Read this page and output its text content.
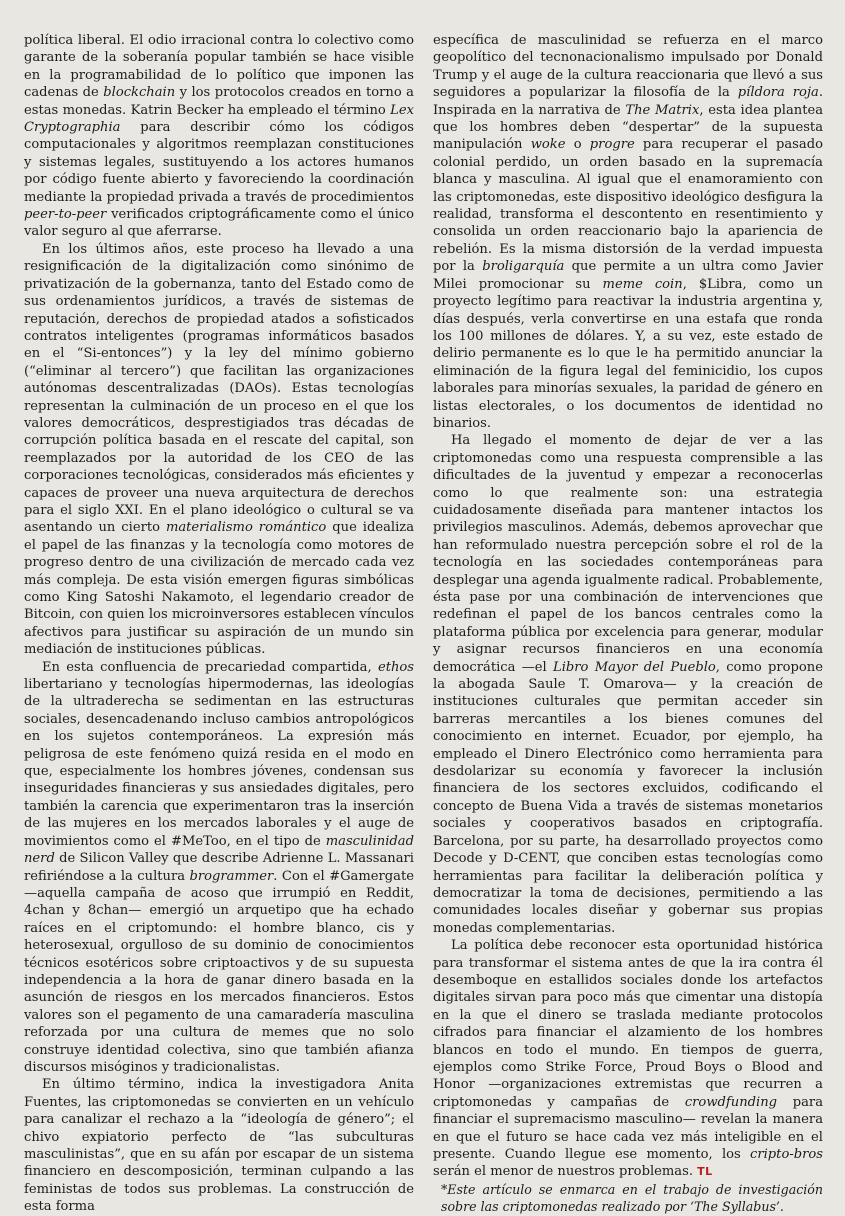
política liberal. El odio irracional contra lo colectivo como garante de la soberanía popular también se hace visible en la programabilidad de lo político que imponen las cadenas de blockchain y los protocolos creados en torno a estas monedas. Katrin Becker ha empleado el término Lex Cryptographia para describir cómo los códigos computacionales y algoritmos reemplazan constituciones y sistemas legales, sustituyendo a los actores humanos por código fuente abierto y favoreciendo la coordinación mediante la propiedad privada a través de procedimientos peer-to-peer verificados criptográficamente como el único valor seguro al que aferrarse.

En los últimos años, este proceso ha llevado a una resignificación de la digitalización como sinónimo de privatización de la gobernanza, tanto del Estado como de sus ordenamientos jurídicos, a través de sistemas de reputación, derechos de propiedad atados a sofisticados contratos inteligentes (programas informáticos basados en el “Si-entonces”) y la ley del mínimo gobierno (“eliminar al tercero”) que facilitan las organizaciones autónomas descentralizadas (DAOs). Estas tecnologías representan la culminación de un proceso en el que los valores democráticos, desprestigiados tras décadas de corrupción política basada en el rescate del capital, son reemplazados por la autoridad de los CEO de las corporaciones tecnológicas, considerados más eficientes y capaces de proveer una nueva arquitectura de derechos para el siglo XXI. En el plano ideológico o cultural se va asentando un cierto materialismo romántico que idealiza el papel de las finanzas y la tecnología como motores de progreso dentro de una civilización de mercado cada vez más compleja. De esta visión emergen figuras simbólicas como King Satoshi Nakamoto, el legendario creador de Bitcoin, con quien los microinversores establecen vínculos afectivos para justificar su aspiración de un mundo sin mediación de instituciones públicas.

En esta confluencia de precariedad compartida, ethos libertariano y tecnologías hipermodernas, las ideologías de la ultraderecha se sedimentan en las estructuras sociales, desencadenando incluso cambios antropológicos en los sujetos contemporáneos. La expresión más peligrosa de este fenómeno quizá resida en el modo en que, especialmente los hombres jóvenes, condensan sus inseguridades financieras y sus ansiedades digitales, pero también la carencia que experimentaron tras la inserción de las mujeres en los mercados laborales y el auge de movimientos como el #MeToo, en el tipo de masculinidad nerd de Silicon Valley que describe Adrienne L. Massanari refiriéndose a la cultura brogrammer. Con el #Gamergate —aquella campaña de acoso que irrumpió en Reddit, 4chan y 8chan— emergió un arquetipo que ha echado raíces en el criptomundo: el hombre blanco, cis y heterosexual, orgulloso de su dominio de conocimientos técnicos esotéricos sobre criptoactivos y de su supuesta independencia a la hora de ganar dinero basada en la asunción de riesgos en los mercados financieros. Estos valores son el pegamento de una camaradería masculina reforzada por una cultura de memes que no solo construye identidad colectiva, sino que también afianza discursos misóginos y tradicionalistas.

En último término, indica la investigadora Anita Fuentes, las criptomonedas se convierten en un vehículo para canalizar el rechazo a la “ideología de género”; el chivo expiatorio perfecto de “las subculturas masculinistas”, que en su afán por escapar de un sistema financiero en descomposición, terminan culpando a las feministas de todos sus problemas. La construcción de esta forma

específica de masculinidad se refuerza en el marco geopolítico del tecnonacionalismo impulsado por Donald Trump y el auge de la cultura reaccionaria que llevó a sus seguidores a popularizar la filosofía de la píldora roja. Inspirada en la narrativa de The Matrix, esta idea plantea que los hombres deben “despertar” de la supuesta manipulación woke o progre para recuperar el pasado colonial perdido, un orden basado en la supremacía blanca y masculina. Al igual que el enamoramiento con las criptomonedas, este dispositivo ideológico desfigura la realidad, transforma el descontento en resentimiento y consolida un orden reaccionario bajo la apariencia de rebelión. Es la misma distorsión de la verdad impuesta por la broligarquía que permite a un ultra como Javier Milei promocionar su meme coin, $Libra, como un proyecto legítimo para reactivar la industria argentina y, días después, verla convertirse en una estafa que ronda los 100 millones de dólares. Y, a su vez, este estado de delirio permanente es lo que le ha permitido anunciar la eliminación de la figura legal del feminicidio, los cupos laborales para minorías sexuales, la paridad de género en listas electorales, o los documentos de identidad no binarios.

Ha llegado el momento de dejar de ver a las criptomonedas como una respuesta comprensible a las dificultades de la juventud y empezar a reconocerlas como lo que realmente son: una estrategia cuidadosamente diseñada para mantener intactos los privilegios masculinos. Además, debemos aprovechar que han reformulado nuestra percepción sobre el rol de la tecnología en las sociedades contemporáneas para desplegar una agenda igualmente radical. Probablemente, ésta pase por una combinación de intervenciones que redefinan el papel de los bancos centrales como la plataforma pública por excelencia para generar, modular y asignar recursos financieros en una economía democrática —el Libro Mayor del Pueblo, como propone la abogada Saule T. Omarova— y la creación de instituciones culturales que permitan acceder sin barreras mercantiles a los bienes comunes del conocimiento en internet. Ecuador, por ejemplo, ha empleado el Dinero Electrónico como herramienta para desdolarizar su economía y favorecer la inclusión financiera de los sectores excluidos, codificando el concepto de Buena Vida a través de sistemas monetarios sociales y cooperativos basados en criptografía. Barcelona, por su parte, ha desarrollado proyectos como Decode y D-CENT, que conciben estas tecnologías como herramientas para facilitar la deliberación política y democratizar la toma de decisiones, permitiendo a las comunidades locales diseñar y gobernar sus propias monedas complementarias.

La política debe reconocer esta oportunidad histórica para transformar el sistema antes de que la ira contra él desemboque en estallidos sociales donde los artefactos digitales sirvan para poco más que cimentar una distopía en la que el dinero se traslada mediante protocolos cifrados para financiar el alzamiento de los hombres blancos en todo el mundo. En tiempos de guerra, ejemplos como Strike Force, Proud Boys o Blood and Honor —organizaciones extremistas que recurren a criptomonedas y campañas de crowdfunding para financiar el supremacismo masculino— revelan la manera en que el futuro se hace cada vez más inteligible en el presente. Cuando llegue ese momento, los cripto-bros serán el menor de nuestros problemas. TL

*Este artículo se enmarca en el trabajo de investigación sobre las criptomonedas realizado por ‘The Syllabus’.
